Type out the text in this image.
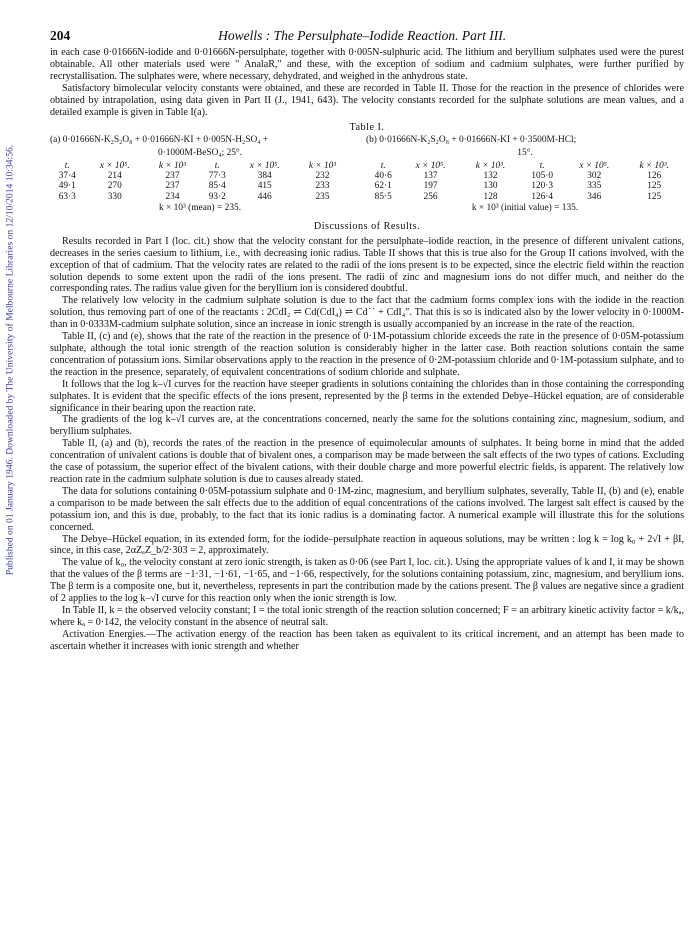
Published on 01 January 1946. Downloaded by The University of Melbourne Libraries on 12/10/2014 10:34:56.
204	Howells : The Persulphate–Iodide Reaction. Part III.

in each case 0·01666N-iodide and 0·01666N-persulphate, together with 0·005N-sulphuric acid. The lithium and beryllium sulphates used were the purest obtainable. All other materials used were " AnalaR," and these, with the exception of sodium and cadmium sulphates, were further purified by recrystallisation. The sulphates were, where necessary, dehydrated, and weighed in the anhydrous state.

Satisfactory bimolecular velocity constants were obtained, and these are recorded in Table II. Those for the reaction in the presence of chlorides were obtained by intrapolation, using data given in Part II (J., 1941, 643). The velocity constants recorded for the sulphate solutions are mean values, and a detailed example is given in Table I(a).

Table I.
(a) 0·01666N-K₂S₂O₈ + 0·01666N-KI + 0·005N-H₂SO₄ +
0·1000M-BeSO₄; 25°.
t.	x × 10⁵.	k × 10³	t.	x × 10⁵.	k × 10³
37·4	214	237	77·3	384	232
49·1	270	237	85·4	415	233
63·3	330	234	93·2	446	235
k × 10³ (mean) = 235.
(b) 0·01666N-K₂S₂O₈ + 0·01666N-KI + 0·3500M-HCl;
15°.
t.	x × 10⁵.	k × 10³.	t.	x × 10⁵.	k × 10³.
40·6	137	132	105·0	302	126
62·1	197	130	120·3	335	125
85·5	256	128	126·4	346	125
k × 10³ (initial value) = 135.
Discussions of Results.

Results recorded in Part I (loc. cit.) show that the velocity constant for the persulphate–iodide reaction, in the presence of different univalent cations, decreases in the series caesium to lithium, i.e., with decreasing ionic radius. Table II shows that this is true also for the Group II cations involved, with the exception of that of cadmium. That the velocity rates are related to the radii of the ions present is to be expected, since the electric field within the reaction solution depends to some extent upon the radii of the ions present. The radii of zinc and magnesium ions do not differ much, and neither do the corresponding rates. The radius value given for the beryllium ion is considered doubtful.

The relatively low velocity in the cadmium sulphate solution is due to the fact that the cadmium forms complex ions with the iodide in the reaction solution, thus removing part of one of the reactants : 2CdI₂ ⇌ Cd(CdI₄) ⇌ Cd˙˙ + CdI₄″. That this is so is indicated also by the lower velocity in 0·1000M- than in 0·0333M-cadmium sulphate solution, since an increase in ionic strength is usually accompanied by an increase in the rate of the reaction.

Table II, (c) and (e), shows that the rate of the reaction in the presence of 0·1M-potassium chloride exceeds the rate in the presence of 0·05M-potassium sulphate, although the total ionic strength of the reaction solution is considerably higher in the latter case. Both reaction solutions contain the same concentration of potassium ions. Similar observations apply to the reaction in the presence of 0·2M-potassium chloride and 0·1M-potassium sulphate, and to the reaction in the presence, separately, of equivalent concentrations of sodium chloride and sulphate.

It follows that the log k–√I curves for the reaction have steeper gradients in solutions containing the chlorides than in those containing the corresponding sulphates. It is evident that the specific effects of the ions present, represented by the β terms in the extended Debye–Hückel equation, are of considerable significance in their bearing upon the reaction rate.

The gradients of the log k–√I curves are, at the concentrations concerned, nearly the same for the solutions containing zinc, magnesium, sodium, and beryllium sulphates.

Table II, (a) and (b), records the rates of the reaction in the presence of equimolecular amounts of sulphates. It being borne in mind that the added concentration of univalent cations is double that of bivalent ones, a comparison may be made between the salt effects of the two types of cations. Excluding the case of potassium, the superior effect of the bivalent cations, with their double charge and more powerful electric fields, is apparent. The relatively low reaction rate in the cadmium sulphate solution is due to causes already stated.

The data for solutions containing 0·05M-potassium sulphate and 0·1M-zinc, magnesium, and beryllium sulphates, severally, Table II, (b) and (e), enable a comparison to be made between the salt effects due to the addition of equal concentrations of the cations involved. The largest salt effect is caused by the potassium ion, and this is due, probably, to the fact that its ionic radius is a dominating factor. A numerical example will illustrate this for the solutions concerned.

The Debye–Hückel equation, in its extended form, for the iodide–persulphate reaction in aqueous solutions, may be written : log k = log k₀ + 2√I + βI, since, in this case, 2αZₐZ_b/2·303 = 2, approximately.

The value of k₀, the velocity constant at zero ionic strength, is taken as 0·06 (see Part I, loc. cit.). Using the appropriate values of k and I, it may be shown that the values of the β terms are −1·31, −1·61, −1·65, and −1·66, respectively, for the solutions containing potassium, zinc, magnesium, and beryllium ions. The β term is a composite one, but it, nevertheless, represents in part the contribution made by the cations present. The β values are negative since a gradient of 2 applies to the log k–√I curve for this reaction only when the ionic strength is low.

In Table II, k = the observed velocity constant; I = the total ionic strength of the reaction solution concerned; F = an arbitrary kinetic activity factor = k/kₐ, where kₐ = 0·142, the velocity constant in the absence of neutral salt.

Activation Energies.—The activation energy of the reaction has been taken as equivalent to its critical increment, and an attempt has been made to ascertain whether it increases with ionic strength and whether
